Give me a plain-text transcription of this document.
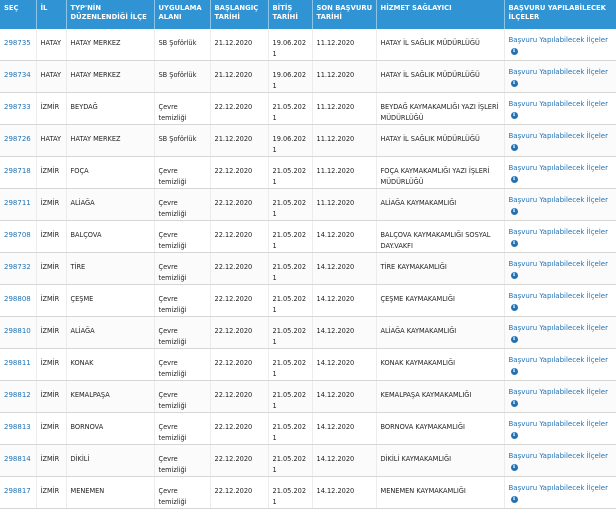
SEÇ	İL	TYP'NİN DÜZENLENDİĞİ İLÇE	UYGULAMA ALANI	BAŞLANGIÇ TARİHİ	BİTİŞ TARİHİ	SON BAŞVURU TARİHİ	HİZMET SAĞLAYICI	BAŞVURU YAPILABİLECEK İLÇELER
298735	HATAY	HATAY MERKEZ	SB Şoförlük	21.12.2020	19.06.2021	11.12.2020	HATAY İL SAĞLIK MÜDÜRLÜĞÜ	Başvuru Yapılabilecek İlçeleri
298734	HATAY	HATAY MERKEZ	SB Şoförlük	21.12.2020	19.06.2021	11.12.2020	HATAY İL SAĞLIK MÜDÜRLÜĞÜ	Başvuru Yapılabilecek İlçeleri
298733	İZMİR	BEYDAĞ	Çevre temizliği	22.12.2020	21.05.2021	11.12.2020	BEYDAĞ KAYMAKAMLIĞI YAZI İŞLERİ MÜDÜRLÜĞÜ	Başvuru Yapılabilecek İlçeleri
298726	HATAY	HATAY MERKEZ	SB Şoförlük	21.12.2020	19.06.2021	11.12.2020	HATAY İL SAĞLIK MÜDÜRLÜĞÜ	Başvuru Yapılabilecek İlçeleri
298718	İZMİR	FOÇA	Çevre temizliği	22.12.2020	21.05.2021	11.12.2020	FOÇA KAYMAKAMLIĞI YAZI İŞLERİ MÜDÜRLÜĞÜ	Başvuru Yapılabilecek İlçeleri
298711	İZMİR	ALİAĞA	Çevre temizliği	22.12.2020	21.05.2021	11.12.2020	ALİAĞA KAYMAKAMLIĞI	Başvuru Yapılabilecek İlçeleri
298708	İZMİR	BALÇOVA	Çevre temizliği	22.12.2020	21.05.2021	14.12.2020	BALÇOVA KAYMAKAMLIĞI SOSYAL DAY.VAKFI	Başvuru Yapılabilecek İlçeleri
298732	İZMİR	TİRE	Çevre temizliği	22.12.2020	21.05.2021	14.12.2020	TİRE KAYMAKAMLIĞI	Başvuru Yapılabilecek İlçeleri
298808	İZMİR	ÇEŞME	Çevre temizliği	22.12.2020	21.05.2021	14.12.2020	ÇEŞME KAYMAKAMLIĞI	Başvuru Yapılabilecek İlçeleri
298810	İZMİR	ALİAĞA	Çevre temizliği	22.12.2020	21.05.2021	14.12.2020	ALİAĞA KAYMAKAMLIĞI	Başvuru Yapılabilecek İlçeleri
298811	İZMİR	KONAK	Çevre temizliği	22.12.2020	21.05.2021	14.12.2020	KONAK KAYMAKAMLIĞI	Başvuru Yapılabilecek İlçeleri
298812	İZMİR	KEMALPAŞA	Çevre temizliği	22.12.2020	21.05.2021	14.12.2020	KEMALPAŞA KAYMAKAMLIĞI	Başvuru Yapılabilecek İlçeleri
298813	İZMİR	BORNOVA	Çevre temizliği	22.12.2020	21.05.2021	14.12.2020	BORNOVA KAYMAKAMLIĞI	Başvuru Yapılabilecek İlçeleri
298814	İZMİR	DİKİLİ	Çevre temizliği	22.12.2020	21.05.2021	14.12.2020	DİKİLİ KAYMAKAMLIĞI	Başvuru Yapılabilecek İlçeleri
298817	İZMİR	MENEMEN	Çevre temizliği	22.12.2020	21.05.2021	14.12.2020	MENEMEN KAYMAKAMLIĞI	Başvuru Yapılabilecek İlçeleri
